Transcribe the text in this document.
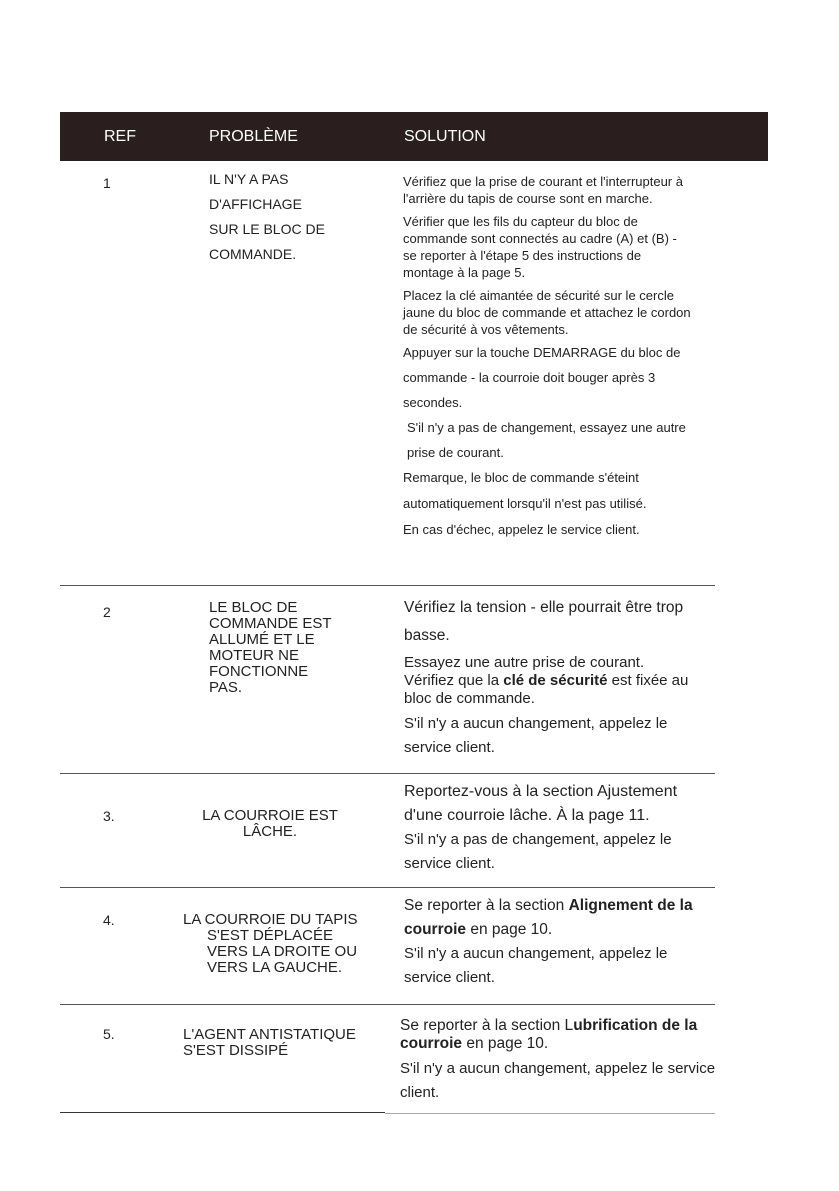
REF	PROBLÈME	SOLUTION
1	IL N'Y A PAS
D'AFFICHAGE
SUR LE BLOC DE
COMMANDE.

Vérifiez que la prise de courant et l'interrupteur à l'arrière du tapis de course sont en marche.

Vérifier que les fils du capteur du bloc de commande sont connectés au cadre (A) et (B) - se reporter à l'étape 5 des instructions de montage à la page 5.

Placez la clé aimantée de sécurité sur le cercle jaune du bloc de commande et attachez le cordon de sécurité à vos vêtements.

Appuyer sur la touche DEMARRAGE du bloc de commande - la courroie doit bouger après 3 secondes.

S'il n'y a pas de changement, essayez une autre prise de courant.

Remarque, le bloc de commande s'éteint automatiquement lorsqu'il n'est pas utilisé.

En cas d'échec, appelez le service client.

2	LE BLOC DE
COMMANDE EST
ALLUMÉ ET LE
MOTEUR NE
FONCTIONNE
PAS.

Vérifiez la tension - elle pourrait être trop basse.

Essayez une autre prise de courant.

Vérifiez que la clé de sécurité est fixée au bloc de commande.

S'il n'y a aucun changement, appelez le service client.

3.	LA COURROIE EST
LÂCHE.

Reportez-vous à la section Ajustement d'une courroie lâche. À la page 11.

S'il n'y a pas de changement, appelez le service client.

4.	LA COURROIE DU TAPIS
S'EST DÉPLACÉE
VERS LA DROITE OU
VERS LA GAUCHE.

Se reporter à la section Alignement de la courroie en page 10.

S'il n'y a aucun changement, appelez le service client.

5.	L'AGENT ANTISTATIQUE
S'EST DISSIPÉ

Se reporter à la section Lubrification de la courroie en page 10.

S'il n'y a aucun changement, appelez le service client.
